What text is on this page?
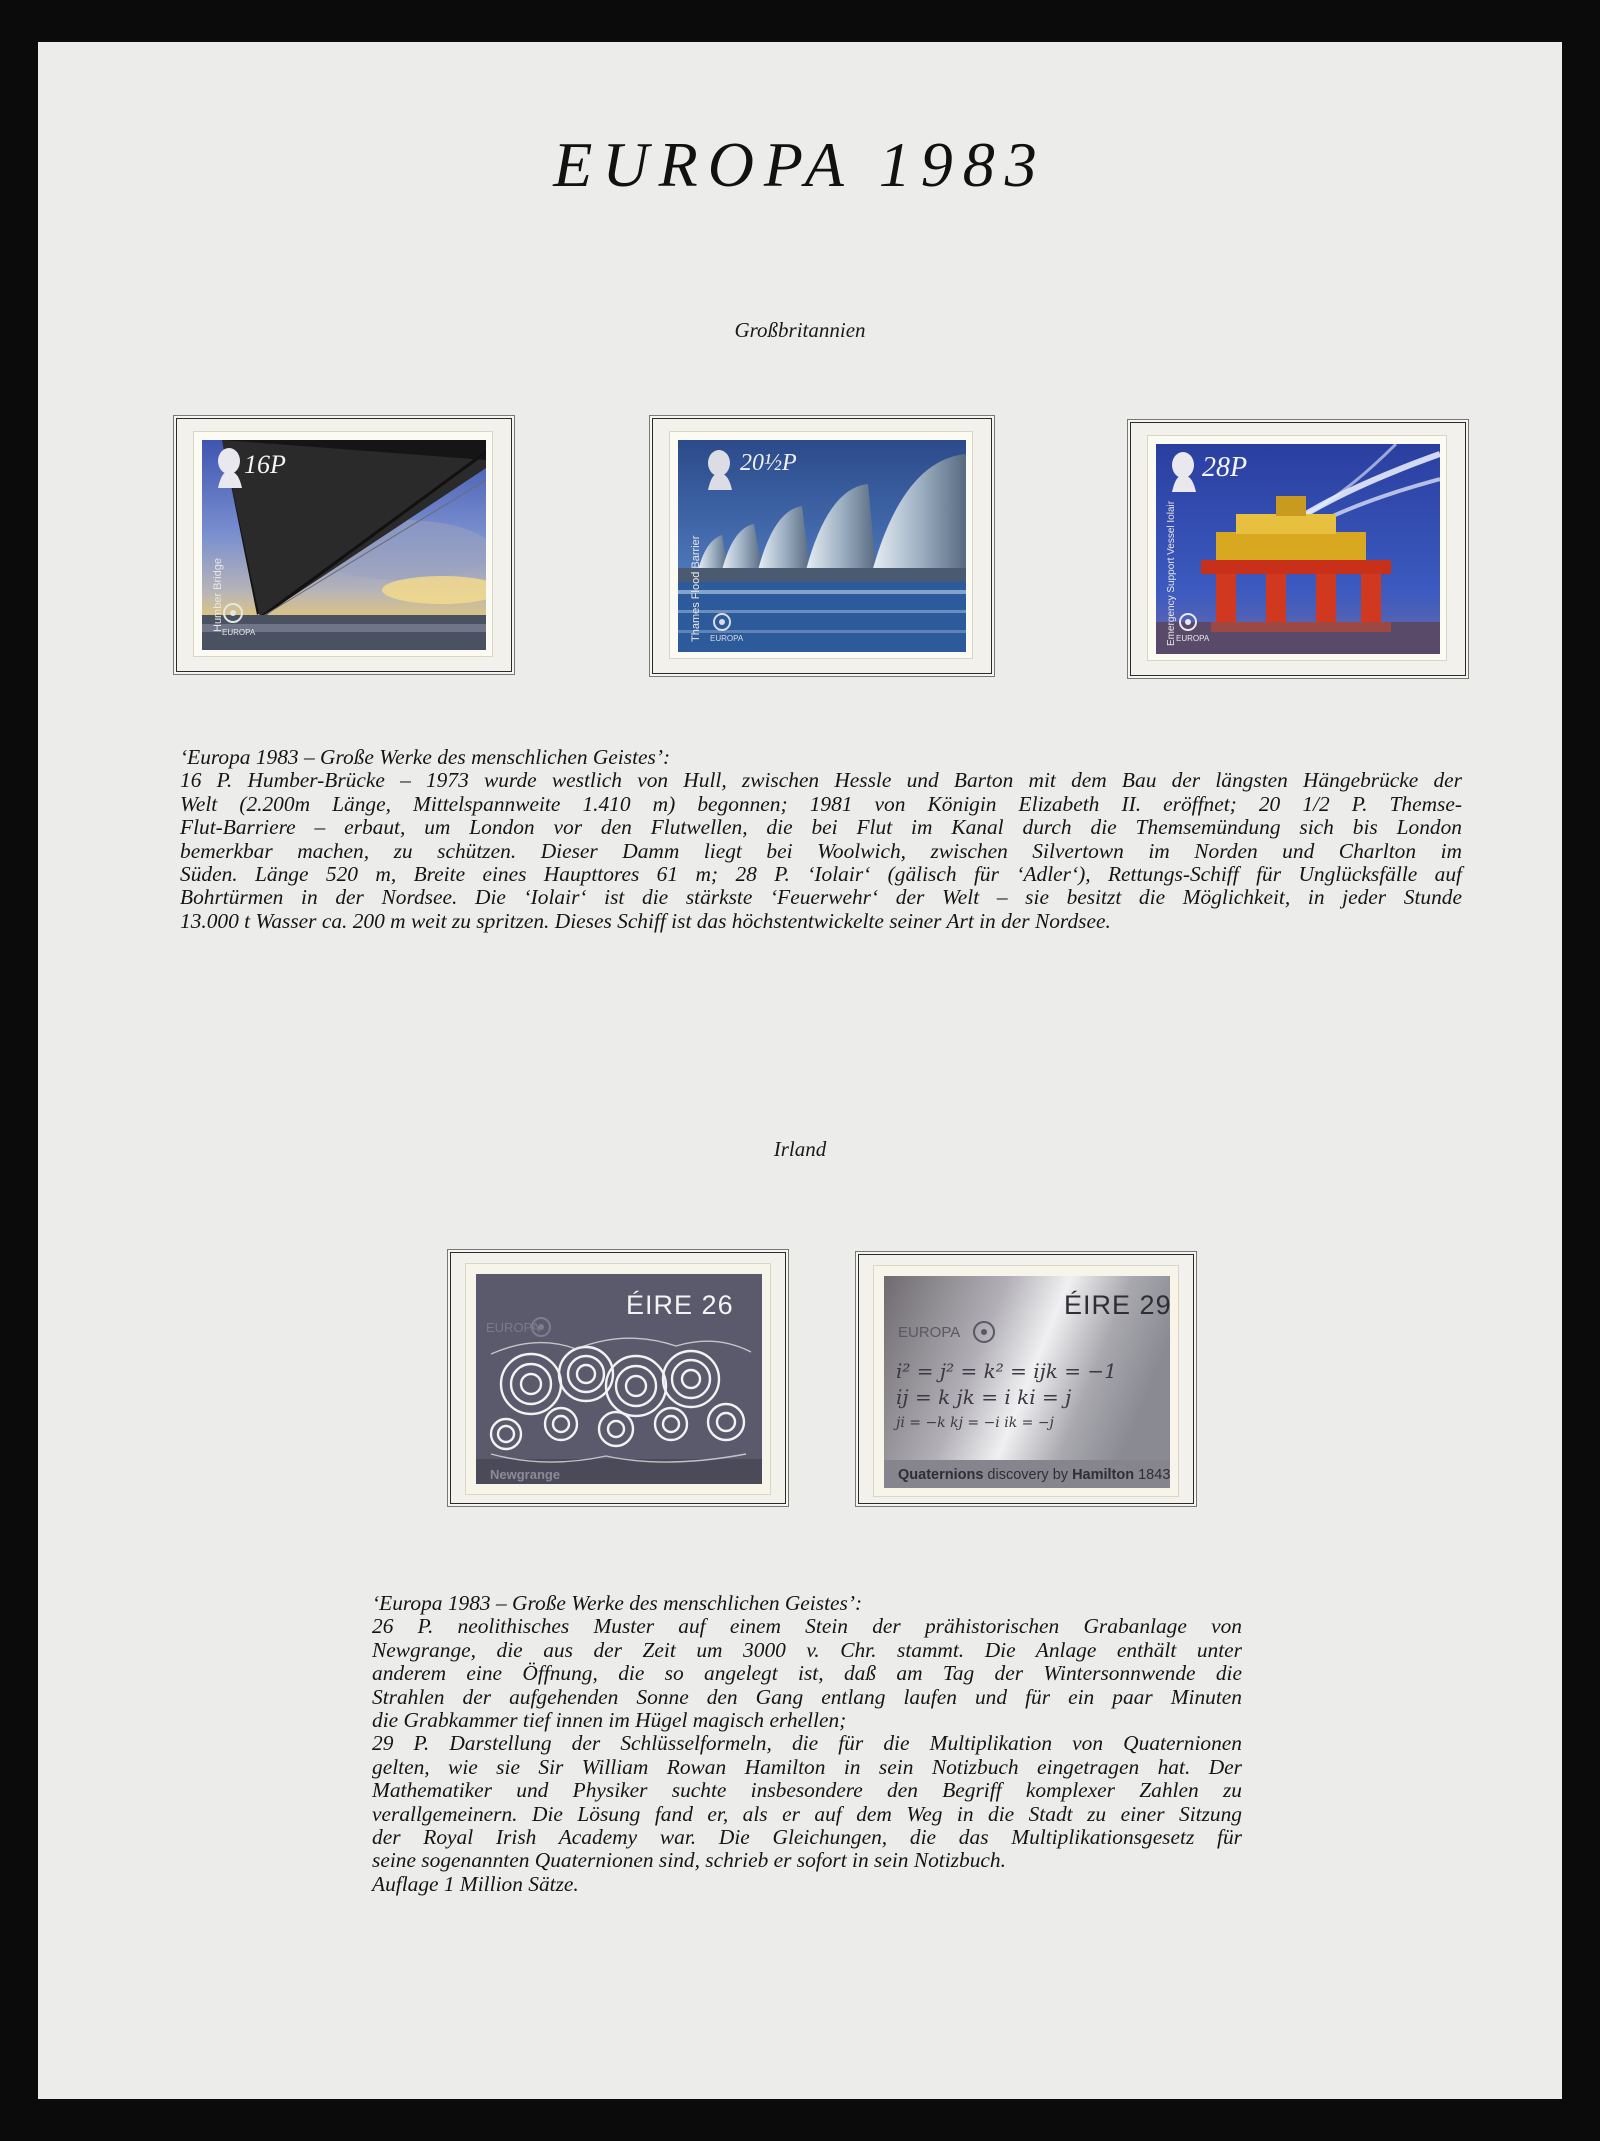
EUROPA 1983
Großbritannien
16P
Humber Bridge
EUROPA
20½P
Thames Flood Barrier EUROPA
28P
Emergency Support Vessel Iolair EUROPA

‘Europa 1983 – Große Werke des menschlichen Geistes’:

16 P. Humber-Brücke – 1973 wurde westlich von Hull, zwischen Hessle und Barton mit dem Bau der längsten Hängebrücke der

Welt (2.200m Länge, Mittelspannweite 1.410 m) begonnen; 1981 von Königin Elizabeth II. eröffnet; 20 1/2 P. Themse-

Flut-Barriere – erbaut, um London vor den Flutwellen, die bei Flut im Kanal durch die Themsemündung sich bis London

bemerkbar machen, zu schützen. Dieser Damm liegt bei Woolwich, zwischen Silvertown im Norden und Charlton im

Süden. Länge 520 m, Breite eines Haupttores 61 m; 28 P. ‘Iolair‘ (gälisch für ‘Adler‘), Rettungs-Schiff für Unglücksfälle auf

Bohrtürmen in der Nordsee. Die ‘Iolair‘ ist die stärkste ‘Feuerwehr‘ der Welt – sie besitzt die Möglichkeit, in jeder Stunde

13.000 t Wasser ca. 200 m weit zu spritzen. Dieses Schiff ist das höchstentwickelte seiner Art in der Nordsee.

Irland
ÉIRE 26
EUROPA
Newgrange
ÉIRE 29
EUROPA
i² = j² = k² = ijk = −1
ij = k jk = i ki = j
ji = −k kj = −i ik = −j
Quaternions discovery by Hamilton 1843

‘Europa 1983 – Große Werke des menschlichen Geistes’:

26 P. neolithisches Muster auf einem Stein der prähistorischen Grabanlage von

Newgrange, die aus der Zeit um 3000 v. Chr. stammt. Die Anlage enthält unter

anderem eine Öffnung, die so angelegt ist, daß am Tag der Wintersonnwende die

Strahlen der aufgehenden Sonne den Gang entlang laufen und für ein paar Minuten

die Grabkammer tief innen im Hügel magisch erhellen;

29 P. Darstellung der Schlüsselformeln, die für die Multiplikation von Quaternionen

gelten, wie sie Sir William Rowan Hamilton in sein Notizbuch eingetragen hat. Der

Mathematiker und Physiker suchte insbesondere den Begriff komplexer Zahlen zu

verallgemeinern. Die Lösung fand er, als er auf dem Weg in die Stadt zu einer Sitzung

der Royal Irish Academy war. Die Gleichungen, die das Multiplikationsgesetz für

seine sogenannten Quaternionen sind, schrieb er sofort in sein Notizbuch.

Auflage 1 Million Sätze.
